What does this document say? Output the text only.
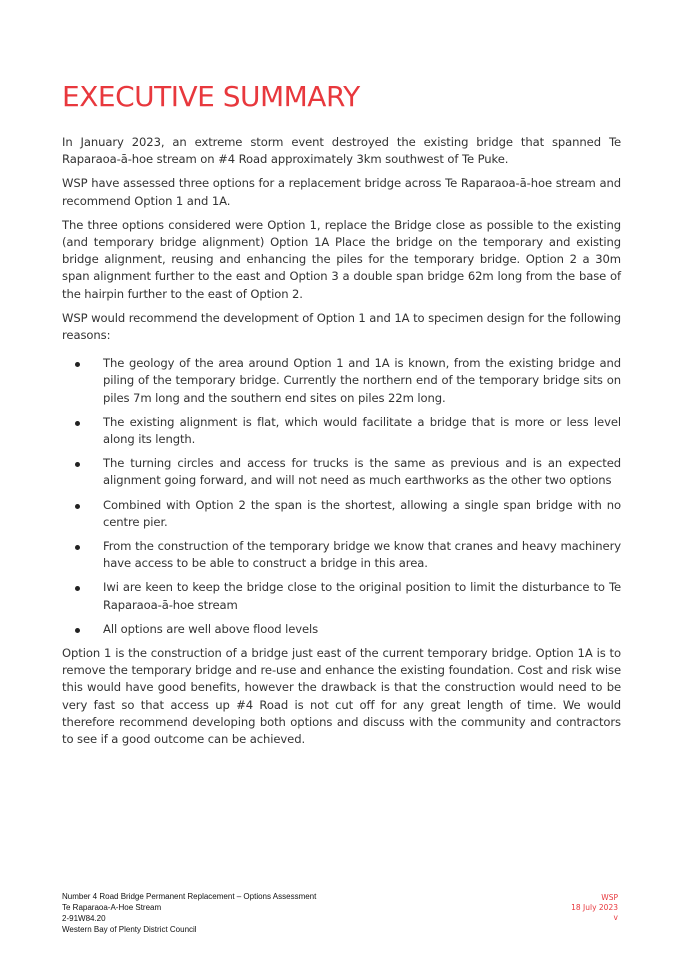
EXECUTIVE SUMMARY

In January 2023, an extreme storm event destroyed the existing bridge that spanned Te Raparaoa-ā-hoe stream on #4 Road approximately 3km southwest of Te Puke.

WSP have assessed three options for a replacement bridge across Te Raparaoa-ā-hoe stream and recommend Option 1 and 1A.

The three options considered were Option 1, replace the Bridge close as possible to the existing (and temporary bridge alignment) Option 1A Place the bridge on the temporary and existing bridge alignment, reusing and enhancing the piles for the temporary bridge. Option 2 a 30m span alignment further to the east and Option 3 a double span bridge 62m long from the base of the hairpin further to the east of Option 2.

WSP would recommend the development of Option 1 and 1A to specimen design for the following reasons:

The geology of the area around Option 1 and 1A is known, from the existing bridge and piling of the temporary bridge. Currently the northern end of the temporary bridge sits on piles 7m long and the southern end sites on piles 22m long.
The existing alignment is flat, which would facilitate a bridge that is more or less level along its length.
The turning circles and access for trucks is the same as previous and is an expected alignment going forward, and will not need as much earthworks as the other two options
Combined with Option 2 the span is the shortest, allowing a single span bridge with no centre pier.
From the construction of the temporary bridge we know that cranes and heavy machinery have access to be able to construct a bridge in this area.
Iwi are keen to keep the bridge close to the original position to limit the disturbance to Te Raparaoa-ā-hoe stream
All options are well above flood levels

Option 1 is the construction of a bridge just east of the current temporary bridge. Option 1A is to remove the temporary bridge and re-use and enhance the existing foundation. Cost and risk wise this would have good benefits, however the drawback is that the construction would need to be very fast so that access up #4 Road is not cut off for any great length of time. We would therefore recommend developing both options and discuss with the community and contractors to see if a good outcome can be achieved.

Number 4 Road Bridge Permanent Replacement – Options Assessment
Te Raparaoa-A-Hoe Stream
2-91W84.20
Western Bay of Plenty District Council
WSP
18 July 2023
v
